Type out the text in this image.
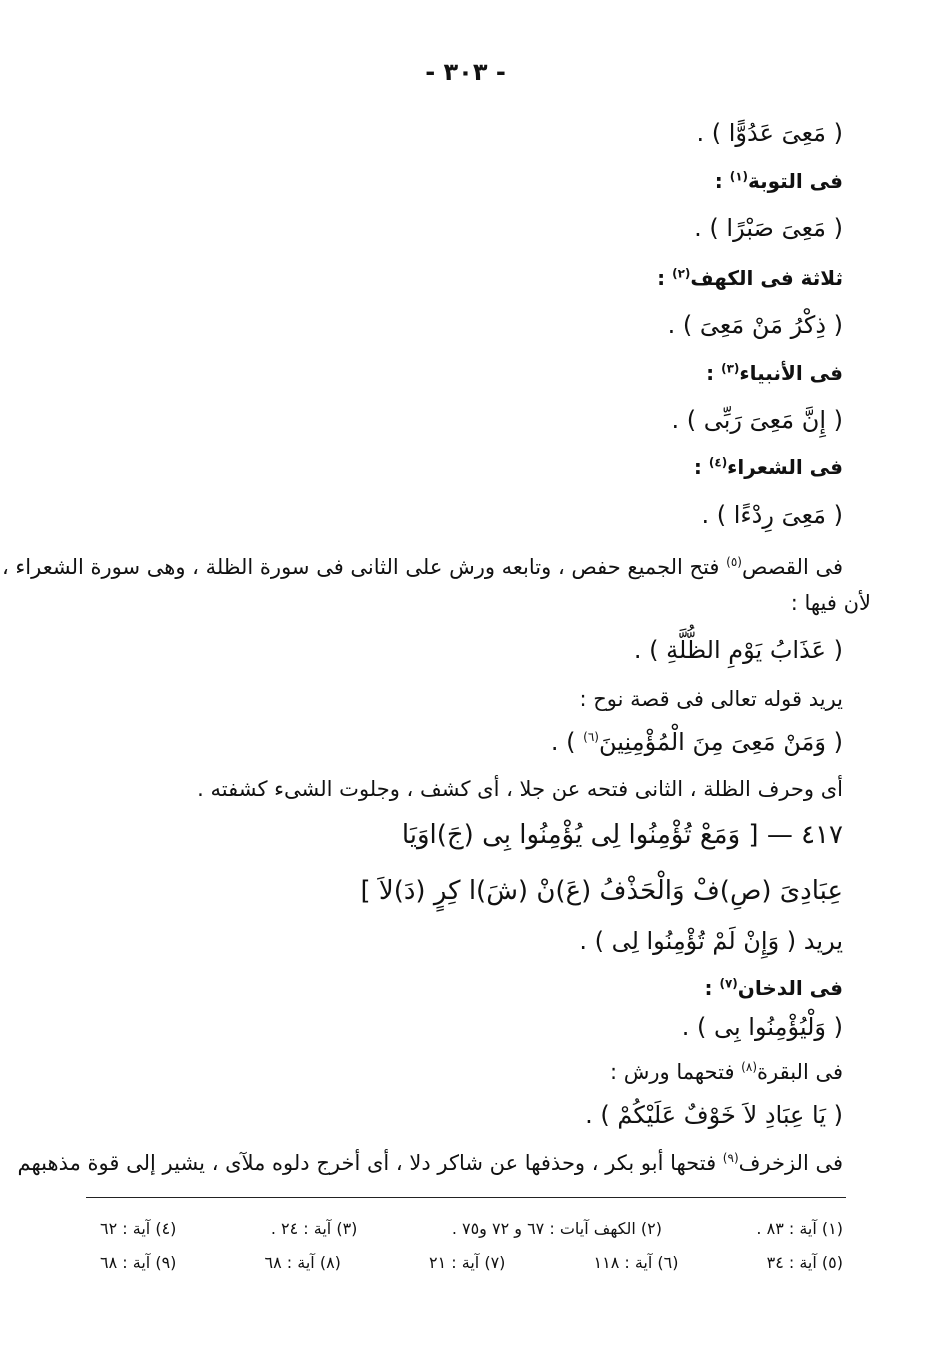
- ٣٠٣ -
( مَعِىَ عَدُوًّا ) .
فى التوبة$^{(١)}$ :
( مَعِىَ صَبْرًا ) .
ثلاثة فى الكهف$^{(٢)}$ :
( ذِكْرُ مَنْ مَعِىَ ) .
فى الأنبياء$^{(٣)}$ :
( إِنَّ مَعِىَ رَبِّى ) .
فى الشعراء$^{(٤)}$ :
( مَعِىَ رِدْءًا ) .
فى القصص$^{(٥)}$ فتح الجميع حفص ، وتابعه ورش على الثانى فى سورة الظلة ، وهى سورة الشعراء ،
لأن فيها :
( عَذَابُ يَوْمِ الظُّلَّةِ ) .
يريد قوله تعالى فى قصة نوح :
( وَمَنْ مَعِىَ مِنَ الْمُؤْمِنِينَ$^{(٦)}$ ) .
أى وحرف الظلة ، الثانى فتحه عن جلا ، أى كشف ، وجلوت الشىء كشفته .
٤١٧ — [ وَمَعْ تُؤْمِنُوا لِى يُؤْمِنُوا بِى (جَ)اوَيَا
عِبَادِىَ (صِ)فْ وَالْحَذْفُ (عَ)نْ (شَ)ا كِرٍ (دَ)لاَ ]
يريد ( وَإِنْ لَمْ تُؤْمِنُوا لِى ) .
فى الدخان$^{(٧)}$ :
( وَلْيُؤْمِنُوا بِى ) .
فى البقرة$^{(٨)}$ فتحهما ورش :
( يَا عِبَادِ لاَ خَوْفٌ عَلَيْكُمْ ) .
فى الزخرف$^{(٩)}$ فتحها أبو بكر ، وحذفها عن شاكر دلا ، أى أخرج دلوه ملآى ، يشير إلى قوة مذهبهم
(١) آية : ٨٣ .
(٢) الكهف آيات : ٦٧ و ٧٢ و٧٥ .
(٣) آية : ٢٤ .
(٤) آية : ٦٢
(٥) آية : ٣٤
(٦) آية : ١١٨
(٧) آية : ٢١
(٨) آية : ٦٨
(٩) آية : ٦٨
